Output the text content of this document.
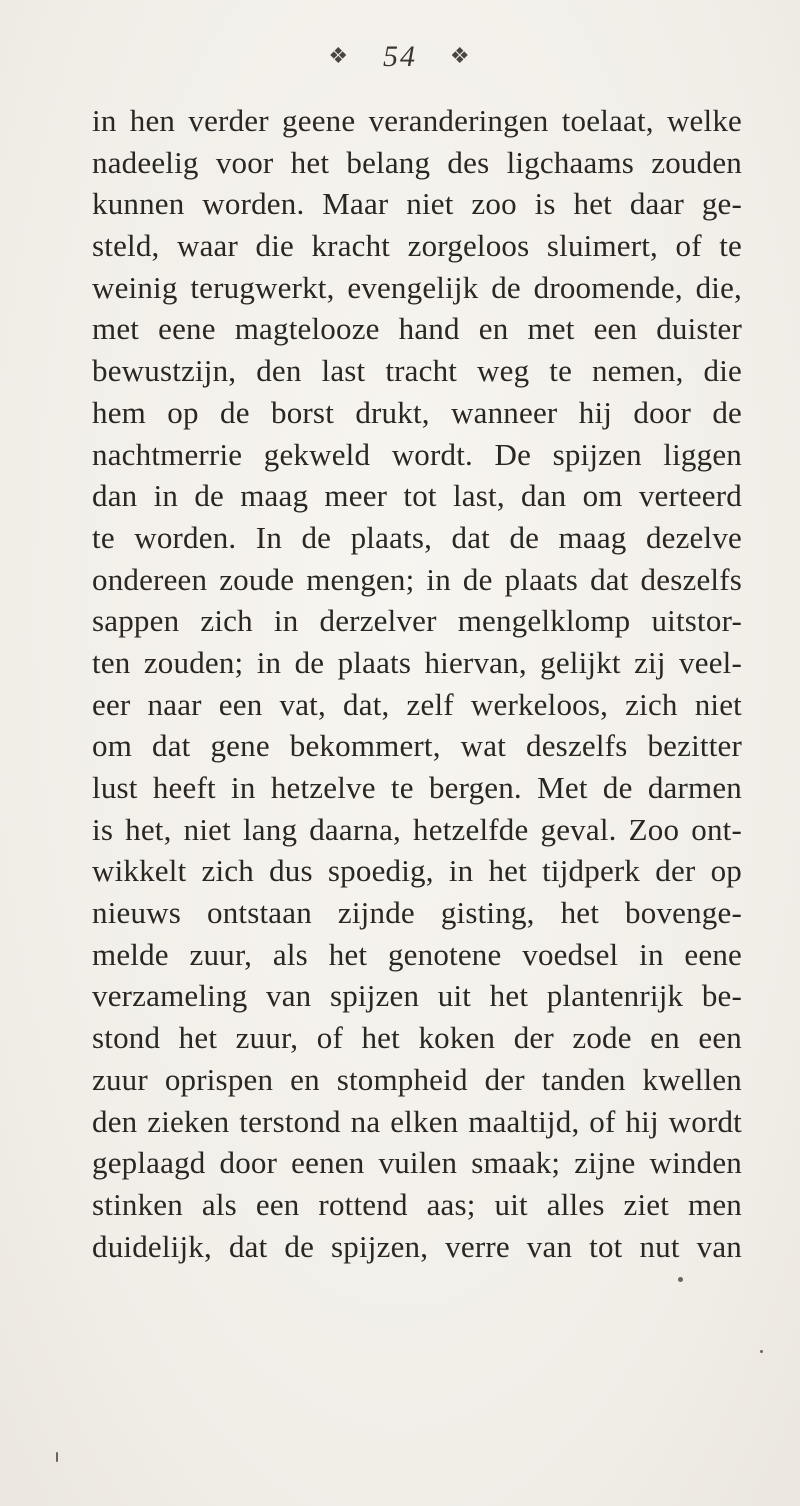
❖ 54 ❖
in hen verder geene veranderingen toelaat, welke
nadeelig voor het belang des ligchaams zouden
kunnen worden. Maar niet zoo is het daar ge-
steld, waar die kracht zorgeloos sluimert, of te
weinig terugwerkt, evengelijk de droomende, die,
met eene magtelooze hand en met een duister
bewustzijn, den last tracht weg te nemen, die
hem op de borst drukt, wanneer hij door de
nachtmerrie gekweld wordt. De spijzen liggen
dan in de maag meer tot last, dan om verteerd
te worden. In de plaats, dat de maag dezelve
ondereen zoude mengen; in de plaats dat deszelfs
sappen zich in derzelver mengelklomp uitstor-
ten zouden; in de plaats hiervan, gelijkt zij veel-
eer naar een vat, dat, zelf werkeloos, zich niet
om dat gene bekommert, wat deszelfs bezitter
lust heeft in hetzelve te bergen. Met de darmen
is het, niet lang daarna, hetzelfde geval. Zoo ont-
wikkelt zich dus spoedig, in het tijdperk der op
nieuws ontstaan zijnde gisting, het bovenge-
melde zuur, als het genotene voedsel in eene
verzameling van spijzen uit het plantenrijk be-
stond het zuur, of het koken der zode en een
zuur oprispen en stompheid der tanden kwellen
den zieken terstond na elken maaltijd, of hij wordt
geplaagd door eenen vuilen smaak; zijne winden
stinken als een rottend aas; uit alles ziet men
duidelijk, dat de spijzen, verre van tot nut van
